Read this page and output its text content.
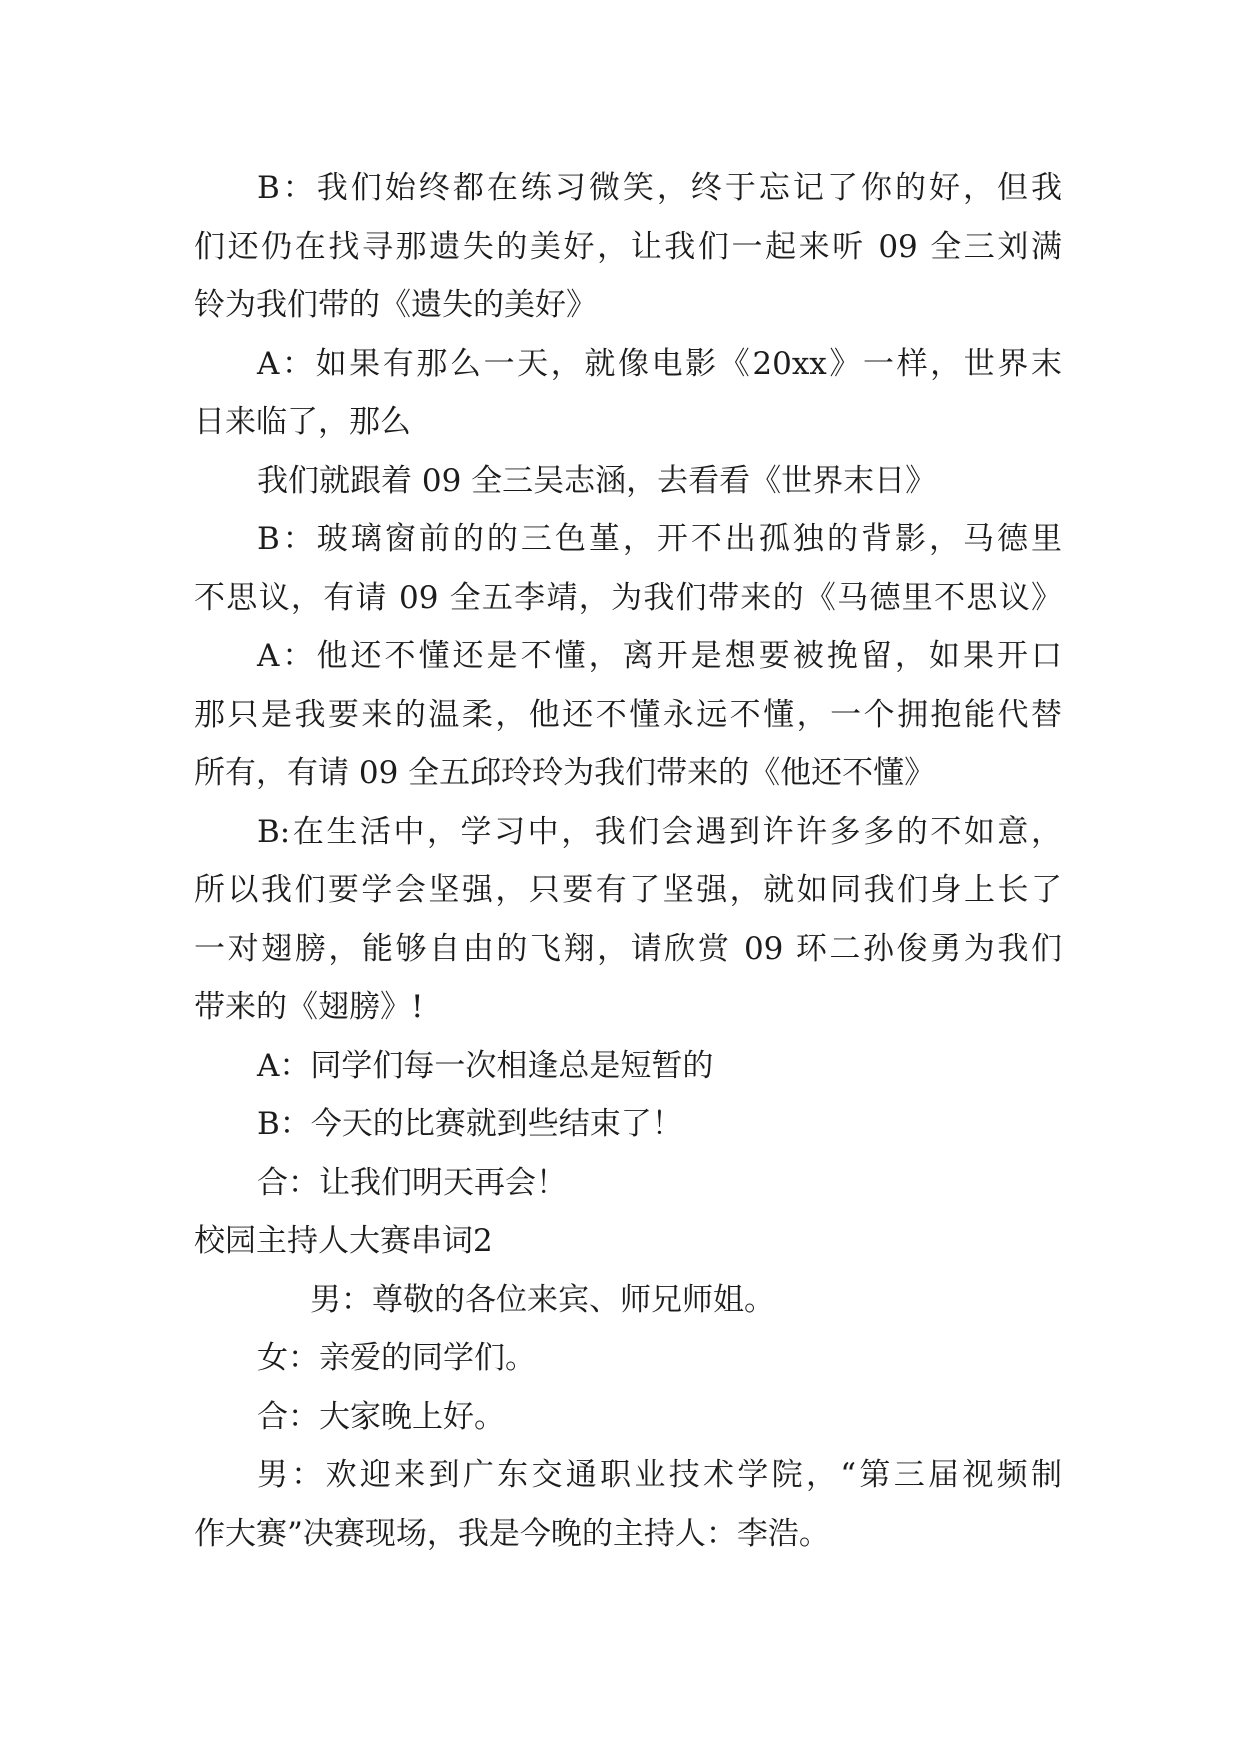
B：我们始终都在练习微笑，终于忘记了你的好，但我
们还仍在找寻那遗失的美好，让我们一起来听 09 全三刘满
铃为我们带的《遗失的美好》
A：如果有那么一天，就像电影《20xx》一样，世界末
日来临了，那么
我们就跟着 09 全三吴志涵，去看看《世界末日》
B：玻璃窗前的的三色堇，开不出孤独的背影，马德里
不思议，有请 09 全五李靖，为我们带来的《马德里不思议》
A：他还不懂还是不懂，离开是想要被挽留，如果开口
那只是我要来的温柔，他还不懂永远不懂，一个拥抱能代替
所有，有请 09 全五邱玲玲为我们带来的《他还不懂》
B:在生活中，学习中，我们会遇到许许多多的不如意，
所以我们要学会坚强，只要有了坚强，就如同我们身上长了
一对翅膀，能够自由的飞翔，请欣赏 09 环二孙俊勇为我们
带来的《翅膀》!
A：同学们每一次相逢总是短暂的
B：今天的比赛就到些结束了！
合：让我们明天再会！
校园主持人大赛串词2
男：尊敬的各位来宾、师兄师姐。
女：亲爱的同学们。
合：大家晚上好。
男：欢迎来到广东交通职业技术学院，“第三届视频制
作大赛”决赛现场，我是今晚的主持人：李浩。
